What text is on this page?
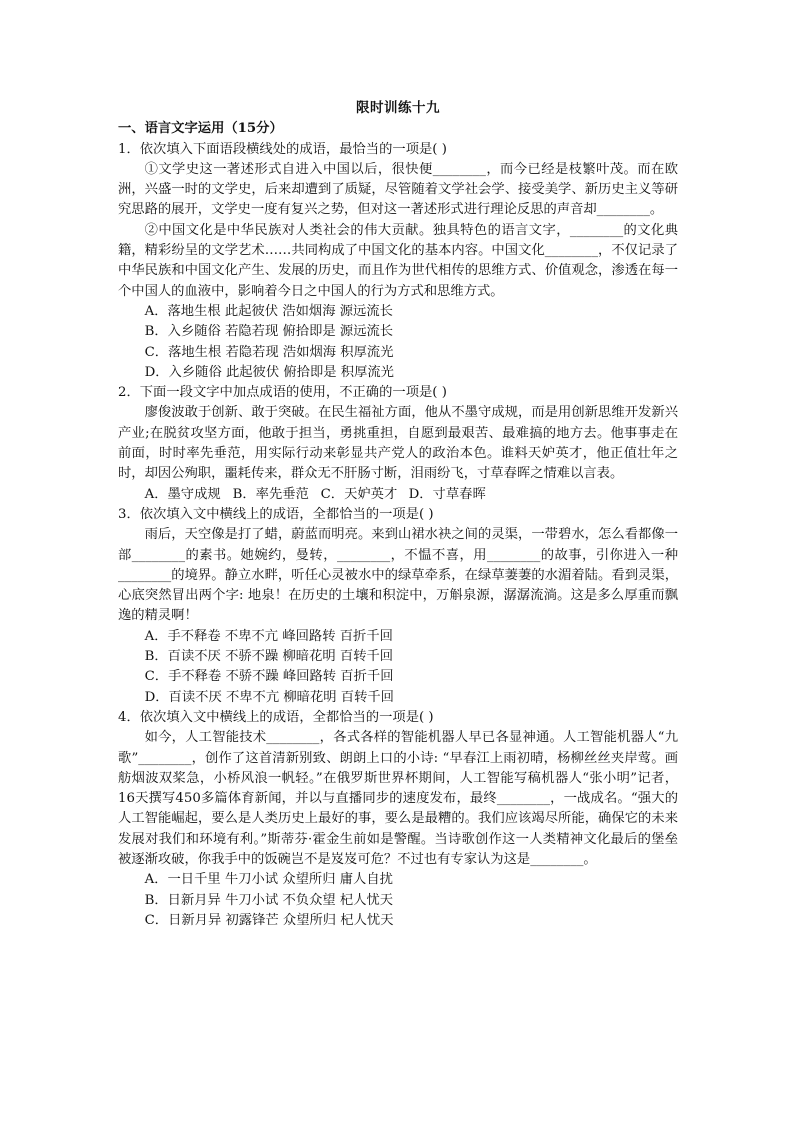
限时训练十九

一、语言文字运用（15分）

1．依次填入下面语段横线处的成语，最恰当的一项是( )

①文学史这一著述形式自进入中国以后，很快便________，而今已经是枝繁叶茂。而在欧洲，兴盛一时的文学史，后来却遭到了质疑，尽管随着文学社会学、接受美学、新历史主义等研究思路的展开，文学史一度有复兴之势，但对这一著述形式进行理论反思的声音却________。

②中国文化是中华民族对人类社会的伟大贡献。独具特色的语言文字，________的文化典籍，精彩纷呈的文学艺术……共同构成了中国文化的基本内容。中国文化________，不仅记录了中华民族和中国文化产生、发展的历史，而且作为世代相传的思维方式、价值观念，渗透在每一个中国人的血液中，影响着今日之中国人的行为方式和思维方式。

A．落地生根 此起彼伏 浩如烟海 源远流长

B．入乡随俗 若隐若现 俯拾即是 源远流长

C．落地生根 若隐若现 浩如烟海 积厚流光

D．入乡随俗 此起彼伏 俯拾即是 积厚流光

2．下面一段文字中加点成语的使用，不正确的一项是( )

廖俊波敢于创新、敢于突破。在民生福祉方面，他从不墨守成规，而是用创新思维开发新兴产业;在脱贫攻坚方面，他敢于担当，勇挑重担，自愿到最艰苦、最难搞的地方去。他事事走在前面，时时率先垂范，用实际行动来彰显共产党人的政治本色。谁料天妒英才，他正值壮年之时，却因公殉职，噩耗传来，群众无不肝肠寸断，泪雨纷飞，寸草春晖之情难以言表。

A．墨守成规 B．率先垂范 C．天妒英才 D．寸草春晖

3．依次填入文中横线上的成语，全都恰当的一项是( )

雨后，天空像是打了蜡，蔚蓝而明亮。来到山裙水袂之间的灵渠，一带碧水，怎么看都像一部________的素书。她婉约，曼转，________，不愠不喜，用________的故事，引你进入一种________的境界。静立水畔，听任心灵被水中的绿草牵系，在绿草萋萋的水湄着陆。看到灵渠，心底突然冒出两个字: 地泉！在历史的土壤和积淀中，万斛泉源，潺潺流淌。这是多么厚重而飘逸的精灵啊！

A．手不释卷 不卑不亢 峰回路转 百折千回

B．百读不厌 不骄不躁 柳暗花明 百转千回

C．手不释卷 不骄不躁 峰回路转 百折千回

D．百读不厌 不卑不亢 柳暗花明 百转千回

4．依次填入文中横线上的成语，全都恰当的一项是( )

如今，人工智能技术________，各式各样的智能机器人早已各显神通。人工智能机器人“九歌”________，创作了这首清新别致、朗朗上口的小诗: “早春江上雨初晴，杨柳丝丝夹岸莺。画舫烟波双桨急，小桥风浪一帆轻。”在俄罗斯世界杯期间，人工智能写稿机器人“张小明”记者，16天撰写450多篇体育新闻，并以与直播同步的速度发布，最终________，一战成名。“强大的人工智能崛起，要么是人类历史上最好的事，要么是最糟的。我们应该竭尽所能，确保它的未来发展对我们和环境有利。”斯蒂芬·霍金生前如是警醒。当诗歌创作这一人类精神文化最后的堡垒被逐渐攻破，你我手中的饭碗岂不是岌岌可危？不过也有专家认为这是________。

A．一日千里 牛刀小试 众望所归 庸人自扰

B．日新月异 牛刀小试 不负众望 杞人忧天

C．日新月异 初露锋芒 众望所归 杞人忧天
